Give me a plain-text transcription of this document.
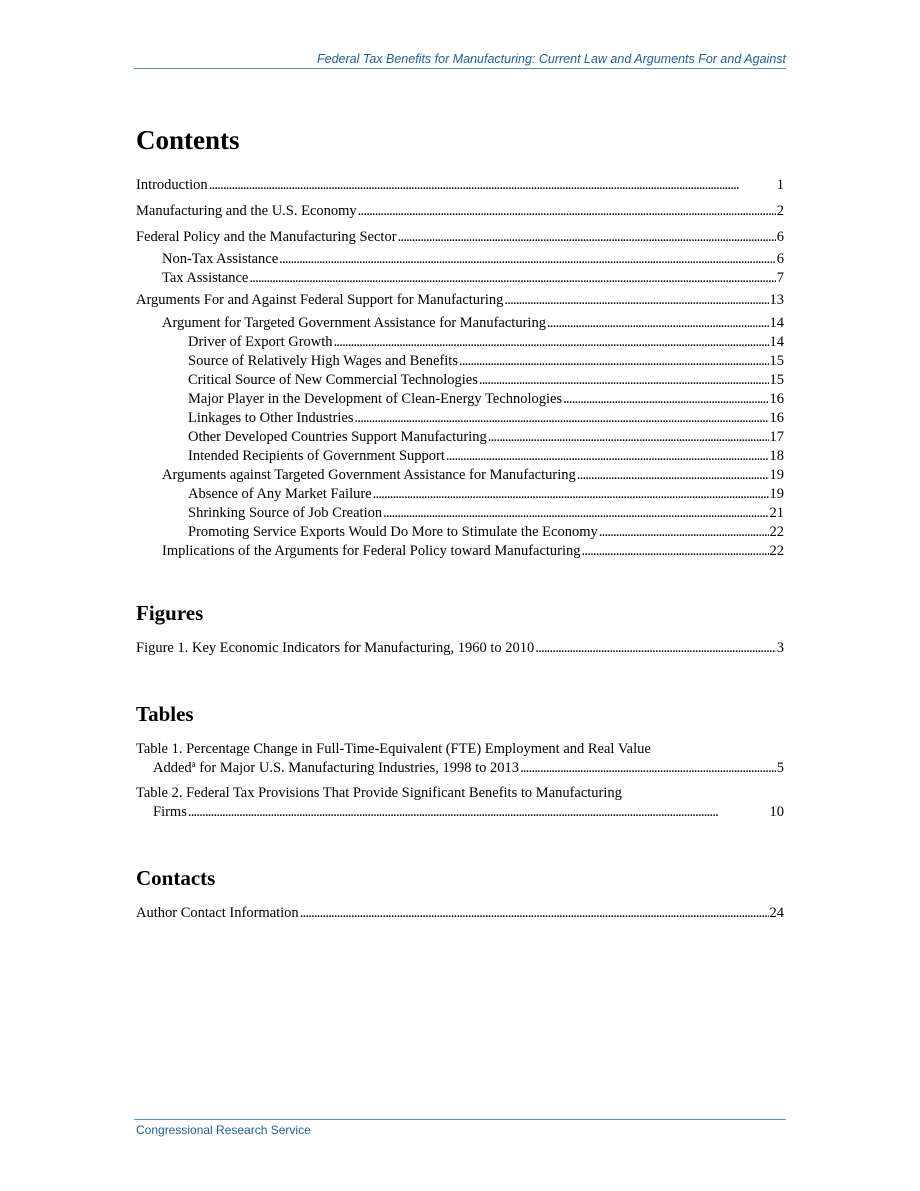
Federal Tax Benefits for Manufacturing: Current Law and Arguments For and Against
Contents
Introduction . . .	1
Manufacturing and the U.S. Economy . . .	2
Federal Policy and the Manufacturing Sector . . .	6
Non-Tax Assistance . . .	6
Tax Assistance . . .	7
Arguments For and Against Federal Support for Manufacturing . . .	13
Argument for Targeted Government Assistance for Manufacturing . . .	14
Driver of Export Growth . . .	14
Source of Relatively High Wages and Benefits . . .	15
Critical Source of New Commercial Technologies . . .	15
Major Player in the Development of Clean-Energy Technologies . . .	16
Linkages to Other Industries . . .	16
Other Developed Countries Support Manufacturing . . .	17
Intended Recipients of Government Support . . .	18
Arguments against Targeted Government Assistance for Manufacturing . . .	19
Absence of Any Market Failure . . .	19
Shrinking Source of Job Creation . . .	21
Promoting Service Exports Would Do More to Stimulate the Economy . . .	22
Implications of the Arguments for Federal Policy toward Manufacturing . . .	22
Figures
Figure 1. Key Economic Indicators for Manufacturing, 1960 to 2010 . . .	3
Tables
Table 1. Percentage Change in Full-Time-Equivalent (FTE) Employment and Real Value
Added$^a$ for Major U.S. Manufacturing Industries, 1998 to 2013 . . .	5
Table 2. Federal Tax Provisions That Provide Significant Benefits to Manufacturing
Firms . . .	10
Contacts
Author Contact Information . . .	24
Congressional Research Service
